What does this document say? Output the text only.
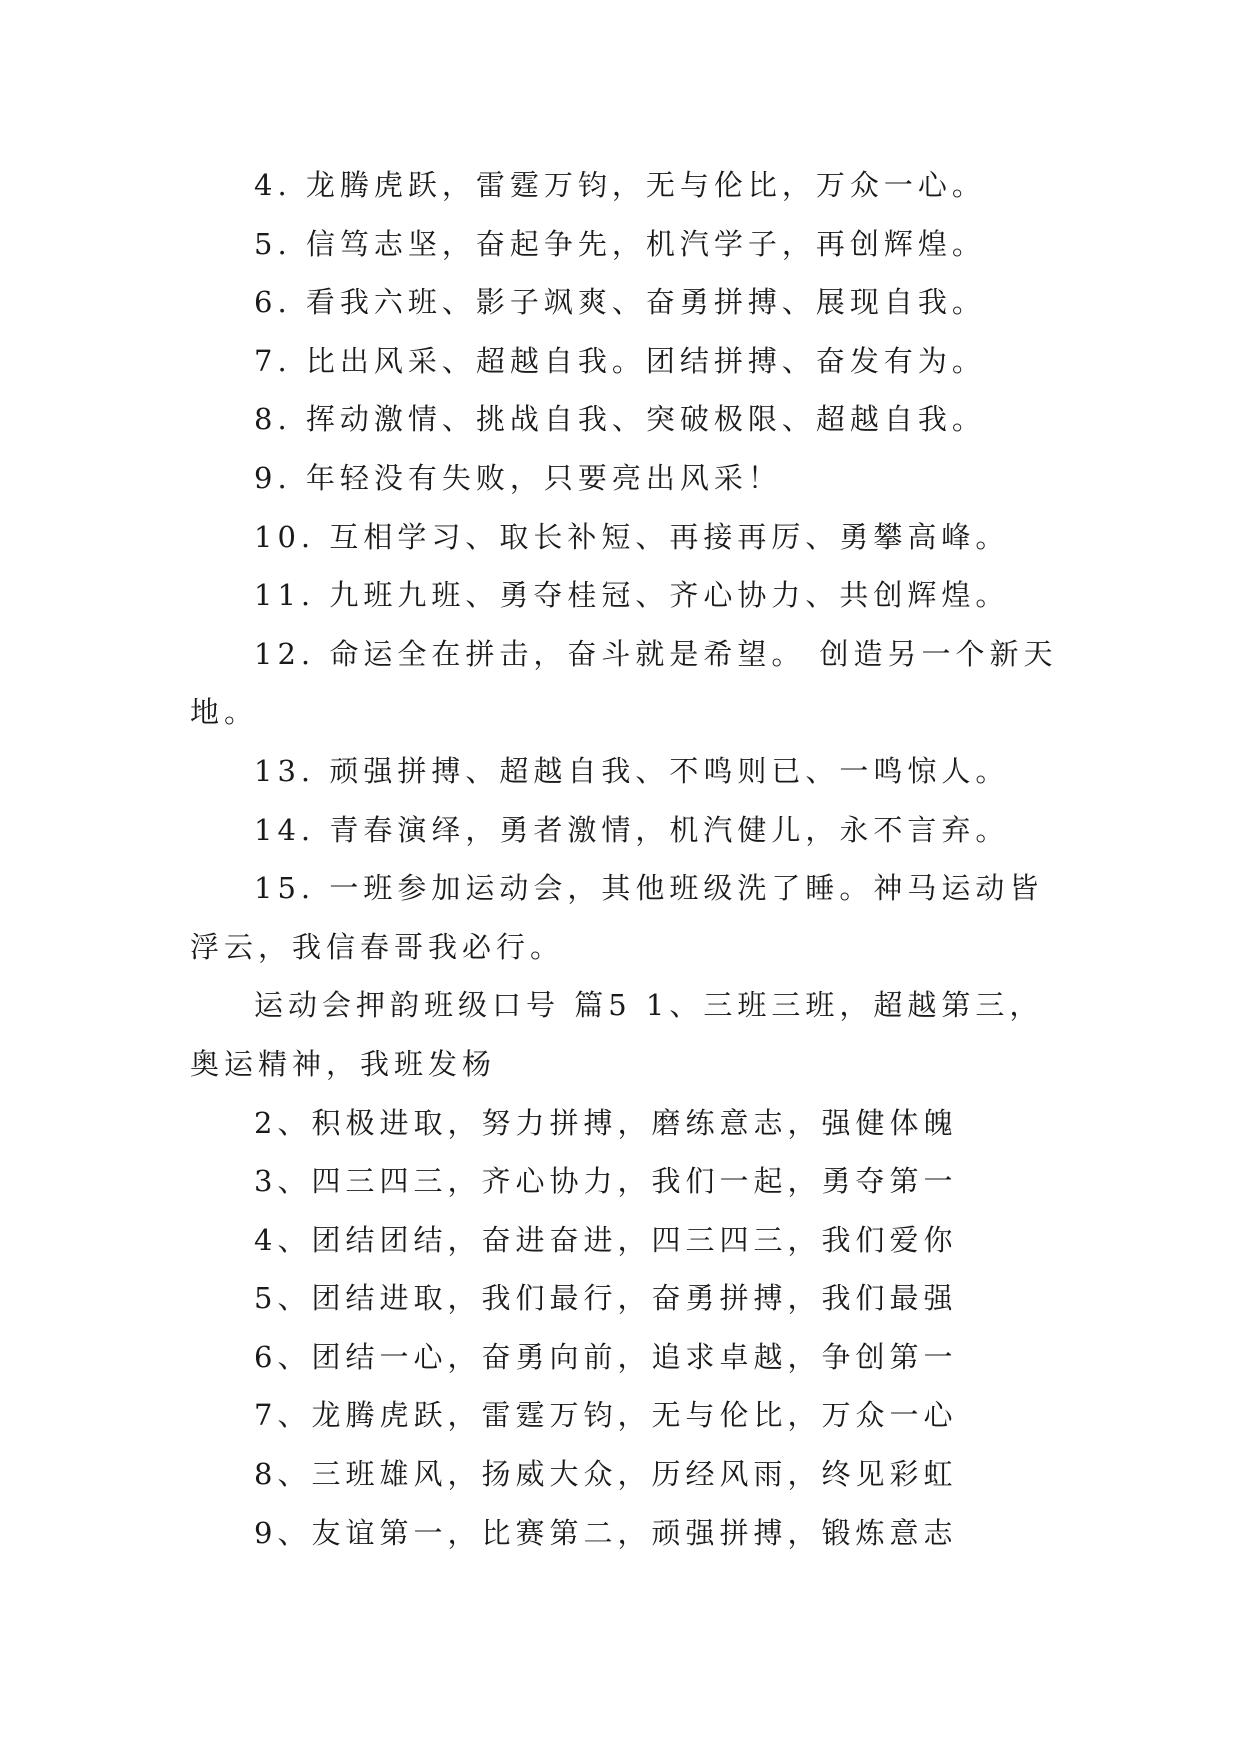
4. 龙腾虎跃，雷霆万钧，无与伦比，万众一心。

5. 信笃志坚，奋起争先，机汽学子，再创辉煌。

6. 看我六班、影子飒爽、奋勇拼搏、展现自我。

7. 比出风采、超越自我。团结拼搏、奋发有为。

8. 挥动激情、挑战自我、突破极限、超越自我。

9. 年轻没有失败，只要亮出风采！

10. 互相学习、取长补短、再接再厉、勇攀高峰。

11. 九班九班、勇夺桂冠、齐心协力、共创辉煌。

12. 命运全在拼击，奋斗就是希望。 创造另一个新天地。

13. 顽强拼搏、超越自我、不鸣则已、一鸣惊人。

14. 青春演绎，勇者激情，机汽健儿，永不言弃。

15. 一班参加运动会，其他班级洗了睡。神马运动皆浮云，我信春哥我必行。

运动会押韵班级口号 篇5 1、三班三班，超越第三，奥运精神，我班发杨

2、积极进取，努力拼搏，磨练意志，强健体魄

3、四三四三，齐心协力，我们一起，勇夺第一

4、团结团结，奋进奋进，四三四三，我们爱你

5、团结进取，我们最行，奋勇拼搏，我们最强

6、团结一心，奋勇向前，追求卓越，争创第一

7、龙腾虎跃，雷霆万钧，无与伦比，万众一心

8、三班雄风，扬威大众，历经风雨，终见彩虹

9、友谊第一，比赛第二，顽强拼搏，锻炼意志
